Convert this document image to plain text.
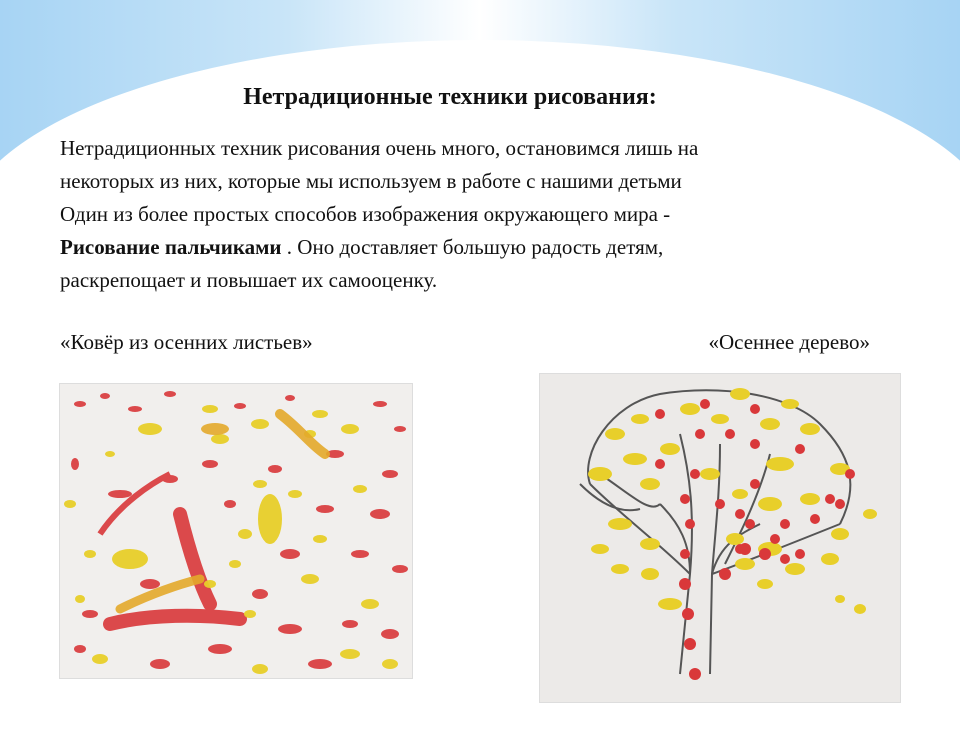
Нетрадиционные техники рисования:
Нетрадиционных техник рисования очень много, остановимся лишь на
некоторых из них, которые мы используем в работе с нашими детьми
Один из более простых способов изображения окружающего мира -
Рисование пальчиками . Оно доставляет большую радость детям,
раскрепощает и повышает их самооценку.
«Ковёр из осенних листьев»	«Осеннее дерево»
